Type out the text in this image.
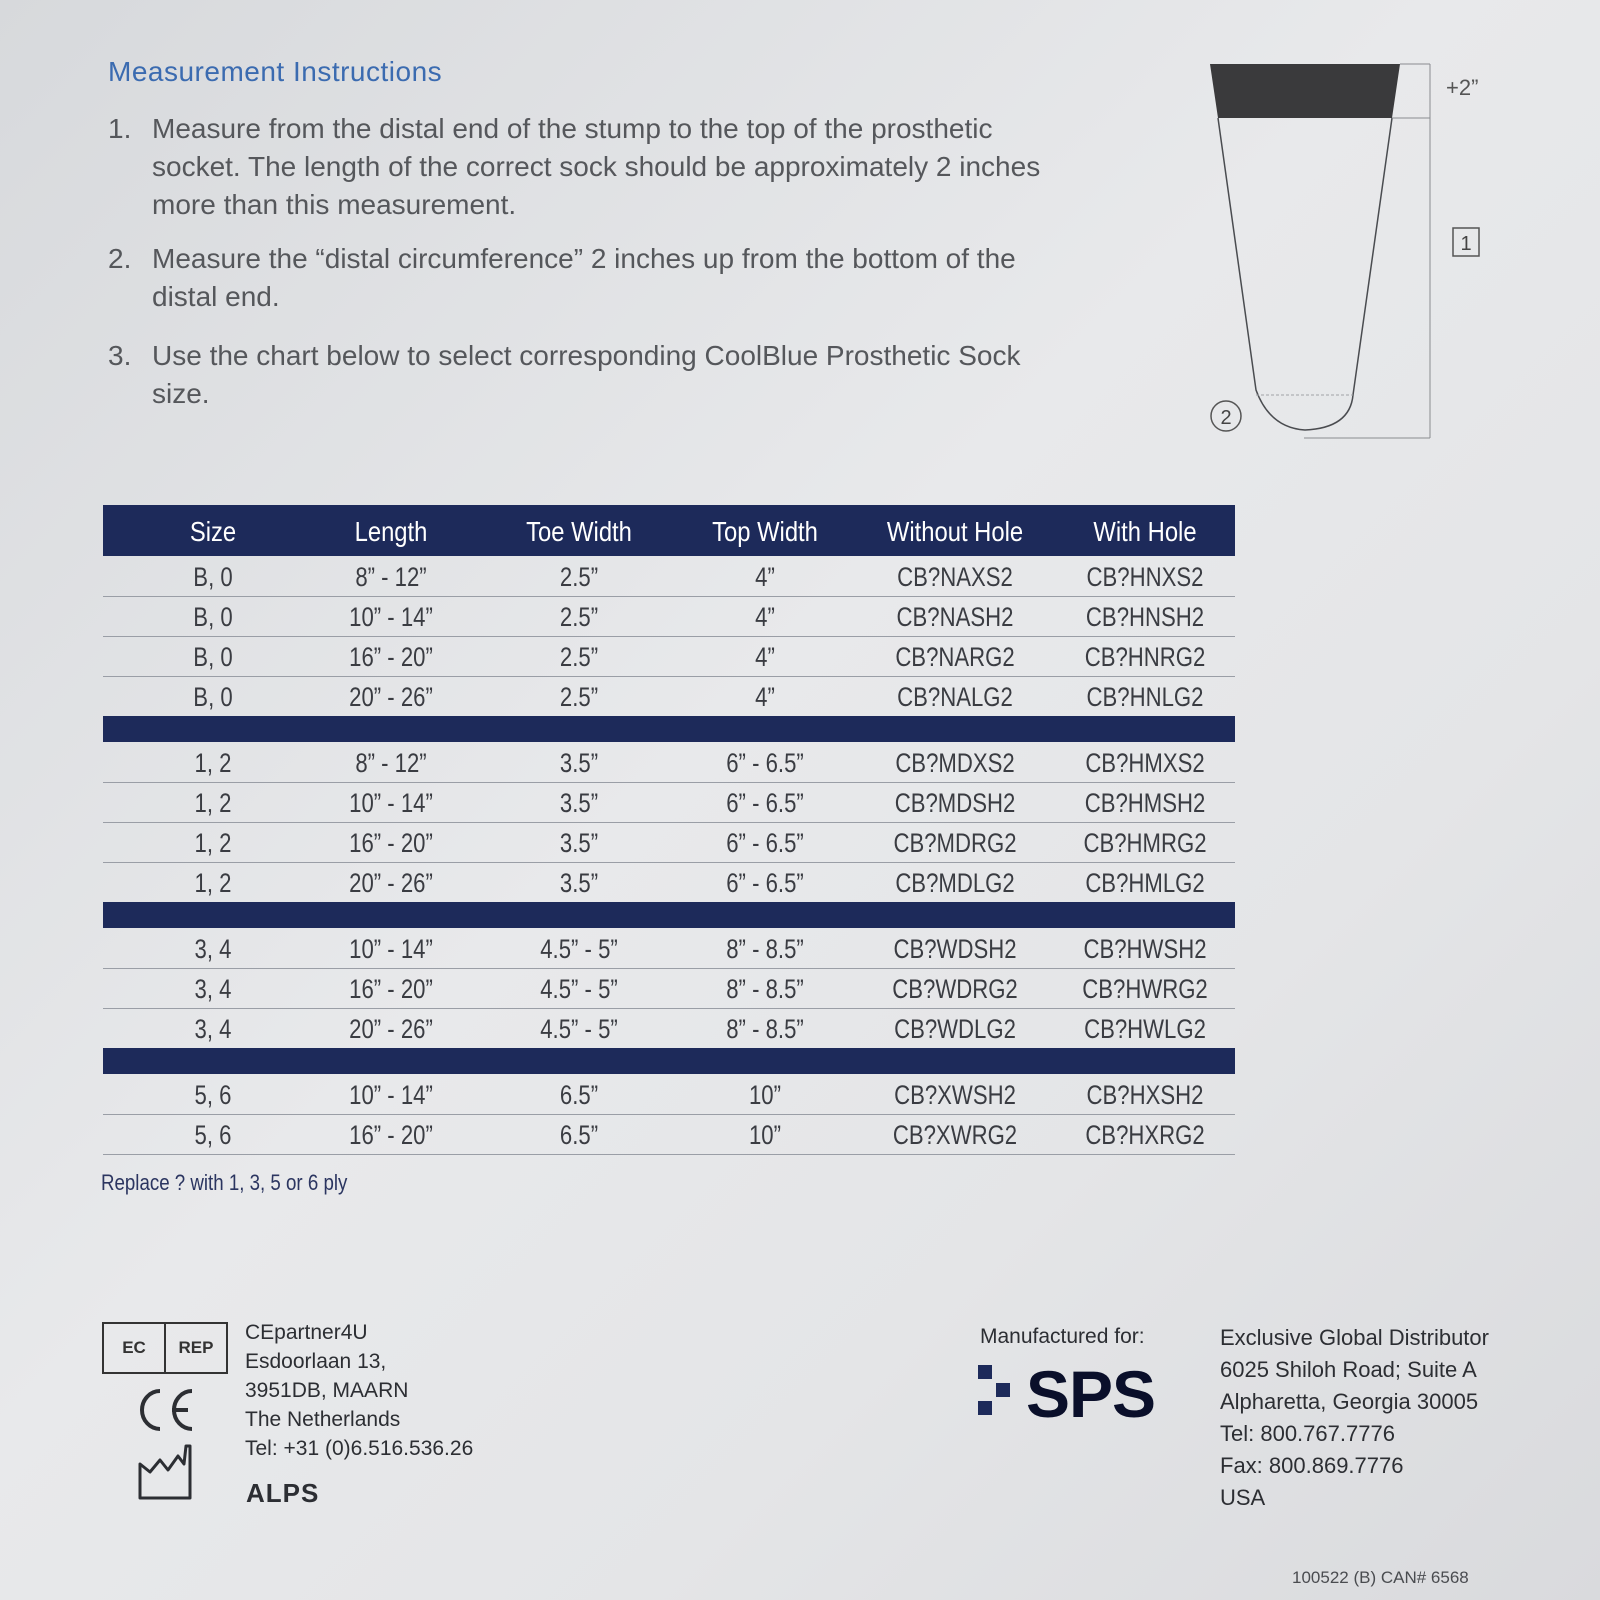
Measurement Instructions
1. Measure from the distal end of the stump to the top of the prosthetic socket. The length of the correct sock should be approximately 2 inches more than this measurement.
2. Measure the “distal circumference” 2 inches up from the bottom of the distal end.
3. Use the chart below to select corresponding CoolBlue Prosthetic Sock size.
1
2
+2”
Size	Length	Toe Width	Top Width	Without Hole	With Hole
B, 0	8” - 12”	2.5”	4”	CB?NAXS2	CB?HNXS2
B, 0	10” - 14”	2.5”	4”	CB?NASH2	CB?HNSH2
B, 0	16” - 20”	2.5”	4”	CB?NARG2	CB?HNRG2
B, 0	20” - 26”	2.5”	4”	CB?NALG2	CB?HNLG2
1, 2	8” - 12”	3.5”	6” - 6.5”	CB?MDXS2	CB?HMXS2
1, 2	10” - 14”	3.5”	6” - 6.5”	CB?MDSH2	CB?HMSH2
1, 2	16” - 20”	3.5”	6” - 6.5”	CB?MDRG2	CB?HMRG2
1, 2	20” - 26”	3.5”	6” - 6.5”	CB?MDLG2	CB?HMLG2
3, 4	10” - 14”	4.5” - 5”	8” - 8.5”	CB?WDSH2	CB?HWSH2
3, 4	16” - 20”	4.5” - 5”	8” - 8.5”	CB?WDRG2	CB?HWRG2
3, 4	20” - 26”	4.5” - 5”	8” - 8.5”	CB?WDLG2	CB?HWLG2
5, 6	10” - 14”	6.5”	10”	CB?XWSH2	CB?HXSH2
5, 6	16” - 20”	6.5”	10”	CB?XWRG2	CB?HXRG2
Replace ? with 1, 3, 5 or 6 ply
EC	REP
CEpartner4U
Esdoorlaan 13,
3951DB, MAARN
The Netherlands
Tel: +31 (0)6.516.536.26
ALPS
Manufactured for:
SPS
Exclusive Global Distributor
6025 Shiloh Road; Suite A
Alpharetta, Georgia 30005
Tel: 800.767.7776
Fax: 800.869.7776
USA
100522 (B) CAN# 6568
